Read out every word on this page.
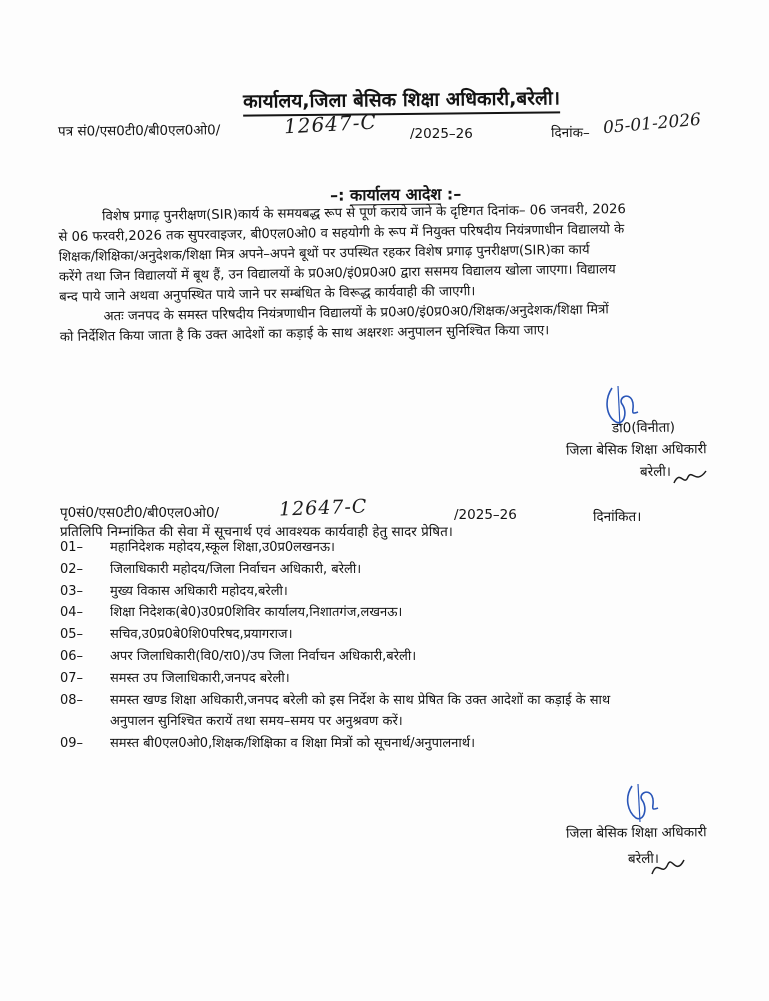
कार्यालय,जिला बेसिक शिक्षा अधिकारी,बरेली।
पत्र सं0/एस0टी0/बी0एल0ओ0/	12647-C /2025–26	दिनांक– 05-01-2026
–: कार्यालय आदेश :–
विशेष प्रगाढ़ पुनरीक्षण(SIR)कार्य के समयबद्ध रूप से पूर्ण कराये जाने के दृष्टिगत दिनांक– 06 जनवरी, 2026
से 06 फरवरी,2026 तक सुपरवाइजर, बी0एल0ओ0 व सहयोगी के रूप में नियुक्त परिषदीय नियंत्रणाधीन विद्यालयो के
शिक्षक/शिक्षिका/अनुदेशक/शिक्षा मित्र अपने–अपने बूथों पर उपस्थित रहकर विशेष प्रगाढ़ पुनरीक्षण(SIR)का कार्य
करेंगे तथा जिन विद्यालयों में बूथ हैं, उन विद्यालयों के प्र0अ0/इं0प्र0अ0 द्वारा ससमय विद्यालय खोला जाएगा। विद्यालय
बन्द पाये जाने अथवा अनुपस्थित पाये जाने पर सम्बंधित के विरूद्ध कार्यवाही की जाएगी।
अतः जनपद के समस्त परिषदीय नियंत्रणाधीन विद्यालयों के प्र0अ0/इं0प्र0अ0/शिक्षक/अनुदेशक/शिक्षा मित्रों
को निर्देशित किया जाता है कि उक्त आदेशों का कड़ाई के साथ अक्षरशः अनुपालन सुनिश्चित किया जाए।
डा0(विनीता)
जिला बेसिक शिक्षा अधिकारी
बरेली।
पृ0सं0/एस0टी0/बी0एल0ओ0/	12647-C	/2025–26	दिनांकित।
प्रतिलिपि निम्नांकित की सेवा में सूचनार्थ एवं आवश्यक कार्यवाही हेतु सादर प्रेषित।
01–	महानिदेशक महोदय,स्कूल शिक्षा,उ0प्र0लखनऊ।
02–	जिलाधिकारी महोदय/जिला निर्वाचन अधिकारी, बरेली।
03–	मुख्य विकास अधिकारी महोदय,बरेली।
04–	शिक्षा निदेशक(बे0)उ0प्र0शिविर कार्यालय,निशातगंज,लखनऊ।
05–	सचिव,उ0प्र0बे0शि0परिषद,प्रयागराज।
06–	अपर जिलाधिकारी(वि0/रा0)/उप जिला निर्वाचन अधिकारी,बरेली।
07–	समस्त उप जिलाधिकारी,जनपद बरेली।
08–	समस्त खण्ड शिक्षा अधिकारी,जनपद बरेली को इस निर्देश के साथ प्रेषित कि उक्त आदेशों का कड़ाई के साथ
अनुपालन सुनिश्चित करायें तथा समय–समय पर अनुश्रवण करें।
09–	समस्त बी0एल0ओ0,शिक्षक/शिक्षिका व शिक्षा मित्रों को सूचनार्थ/अनुपालनार्थ।
जिला बेसिक शिक्षा अधिकारी
बरेली।
